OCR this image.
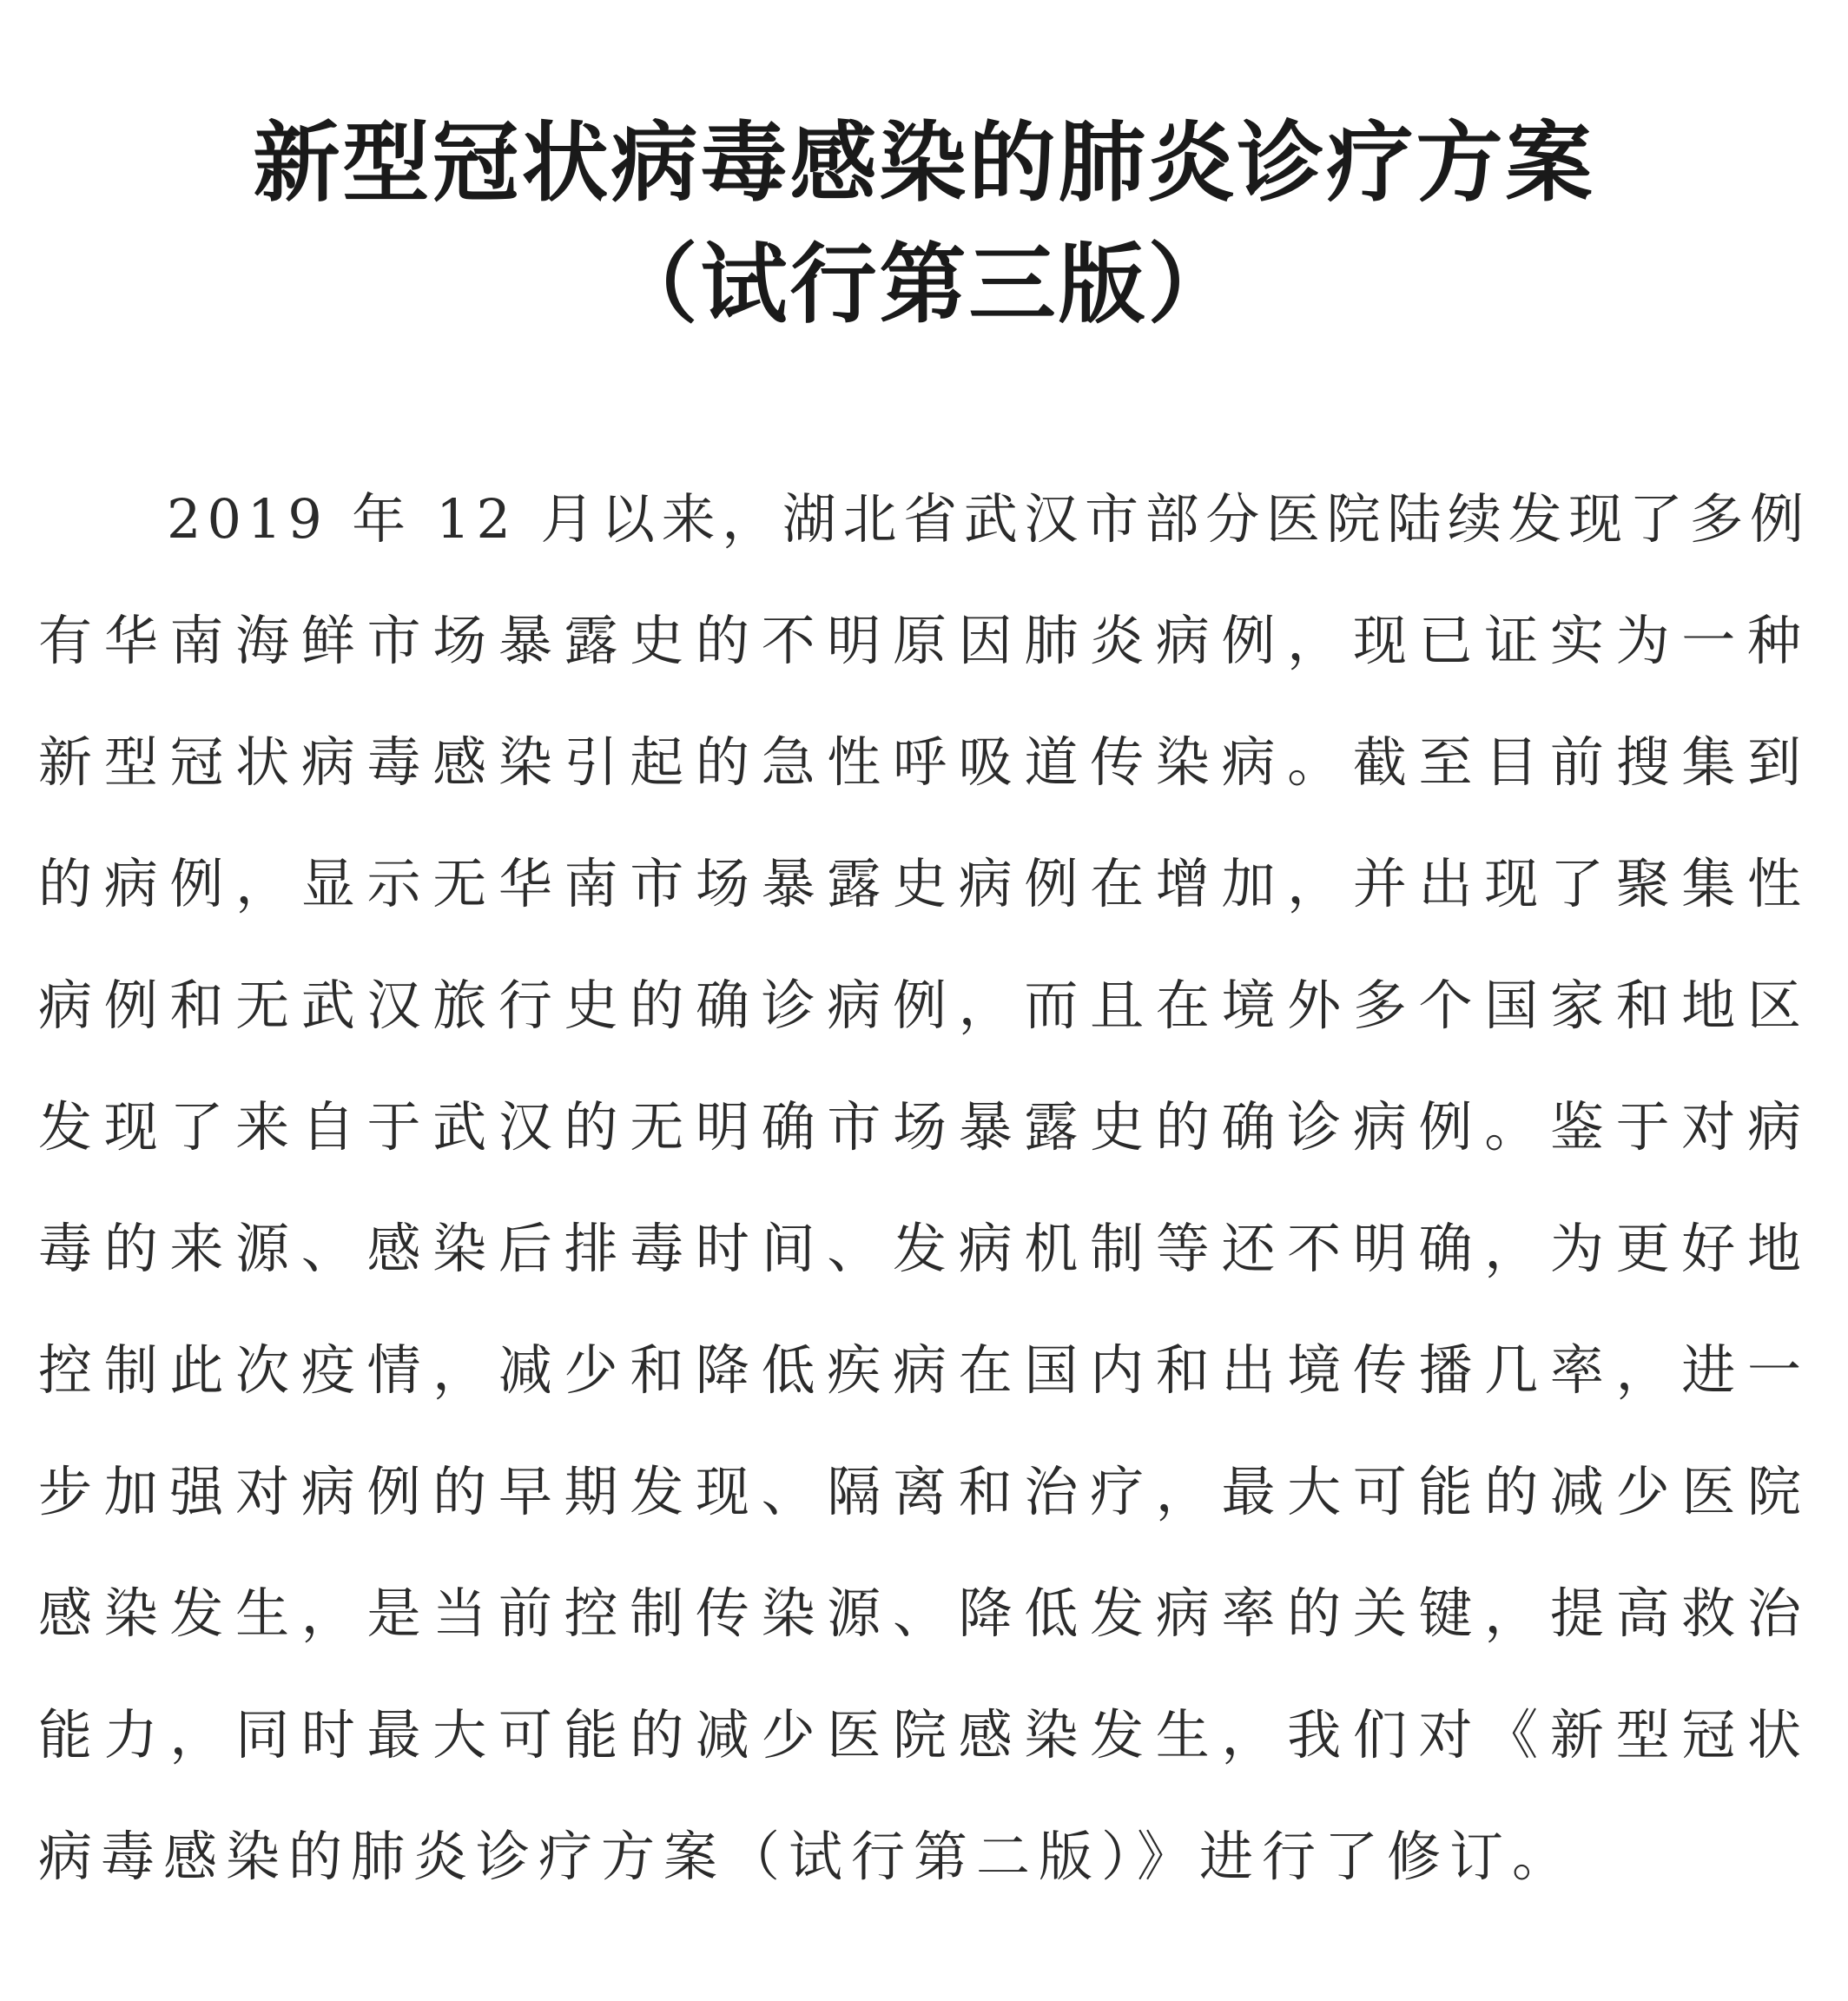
新型冠状病毒感染的肺炎诊疗方案
（试行第三版）
2019 年 12 月以来，湖北省武汉市部分医院陆续发现了多例
有华南海鲜市场暴露史的不明原因肺炎病例，现已证实为一种
新型冠状病毒感染引起的急性呼吸道传染病。截至目前搜集到
的病例，显示无华南市场暴露史病例在增加，并出现了聚集性
病例和无武汉旅行史的确诊病例，而且在境外多个国家和地区
发现了来自于武汉的无明确市场暴露史的确诊病例。鉴于对病
毒的来源、感染后排毒时间、发病机制等还不明确，为更好地
控制此次疫情，减少和降低疾病在国内和出境传播几率，进一
步加强对病例的早期发现、隔离和治疗，最大可能的减少医院
感染发生，是当前控制传染源、降低发病率的关键，提高救治
能力，同时最大可能的减少医院感染发生，我们对《新型冠状
病毒感染的肺炎诊疗方案（试行第二版）》进行了修订。
